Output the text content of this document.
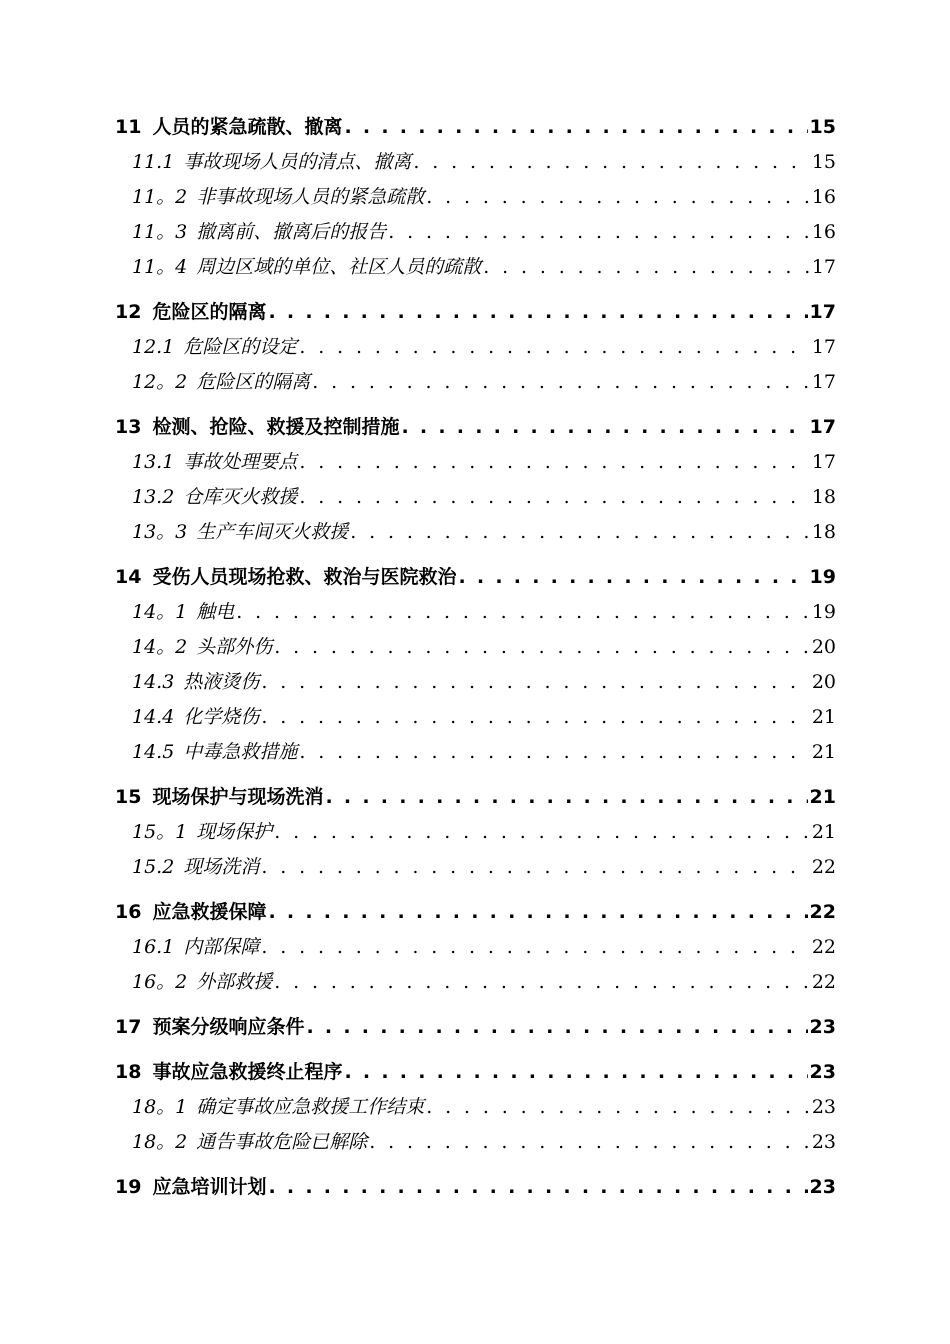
11 人员的紧急疏散、撤离 . . .	15
11.1 事故现场人员的清点、撤离 . . .	15
11。2 非事故现场人员的紧急疏散 . . .	16
11。3 撤离前、撤离后的报告 . . .	16
11。4 周边区域的单位、社区人员的疏散 . . .	17
12 危险区的隔离 . . .	17
12.1 危险区的设定 . . .	17
12。2 危险区的隔离 . . .	17
13 检测、抢险、救援及控制措施 . . .	17
13.1 事故处理要点 . . .	17
13.2 仓库灭火救援 . . .	18
13。3 生产车间灭火救援 . . .	18
14 受伤人员现场抢救、救治与医院救治 . . .	19
14。1 触电 . . .	19
14。2 头部外伤 . . .	20
14.3 热液烫伤 . . .	20
14.4 化学烧伤 . . .	21
14.5 中毒急救措施 . . .	21
15 现场保护与现场洗消 . . .	21
15。1 现场保护 . . .	21
15.2 现场洗消 . . .	22
16 应急救援保障 . . .	22
16.1 内部保障 . . .	22
16。2 外部救援 . . .	22
17 预案分级响应条件 . . .	23
18 事故应急救援终止程序 . . .	23
18。1 确定事故应急救援工作结束 . . .	23
18。2 通告事故危险已解除 . . .	23
19 应急培训计划 . . .	23
